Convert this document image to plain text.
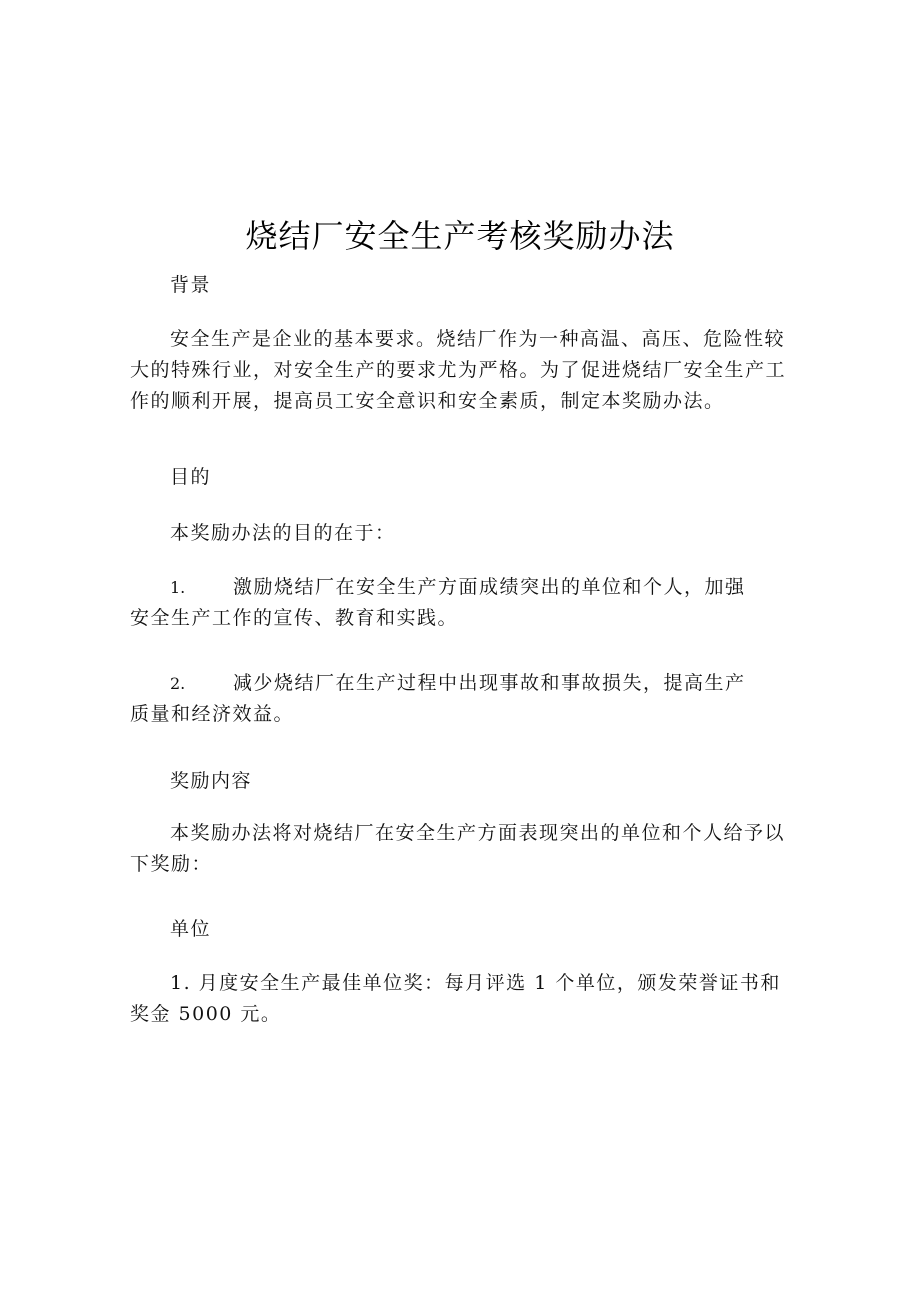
烧结厂安全生产考核奖励办法

背景

安全生产是企业的基本要求。烧结厂作为一种高温、高压、危险性较大的特殊行业，对安全生产的要求尤为严格。为了促进烧结厂安全生产工作的顺利开展，提高员工安全意识和安全素质，制定本奖励办法。

目的

本奖励办法的目的在于：

1.	激励烧结厂在安全生产方面成绩突出的单位和个人，加强
安全生产工作的宣传、教育和实践。
2.	减少烧结厂在生产过程中出现事故和事故损失，提高生产
质量和经济效益。

奖励内容

本奖励办法将对烧结厂在安全生产方面表现突出的单位和个人给予以下奖励：

单位

1. 月度安全生产最佳单位奖：每月评选 1 个单位，颁发荣誉证书和奖金 5000 元。
